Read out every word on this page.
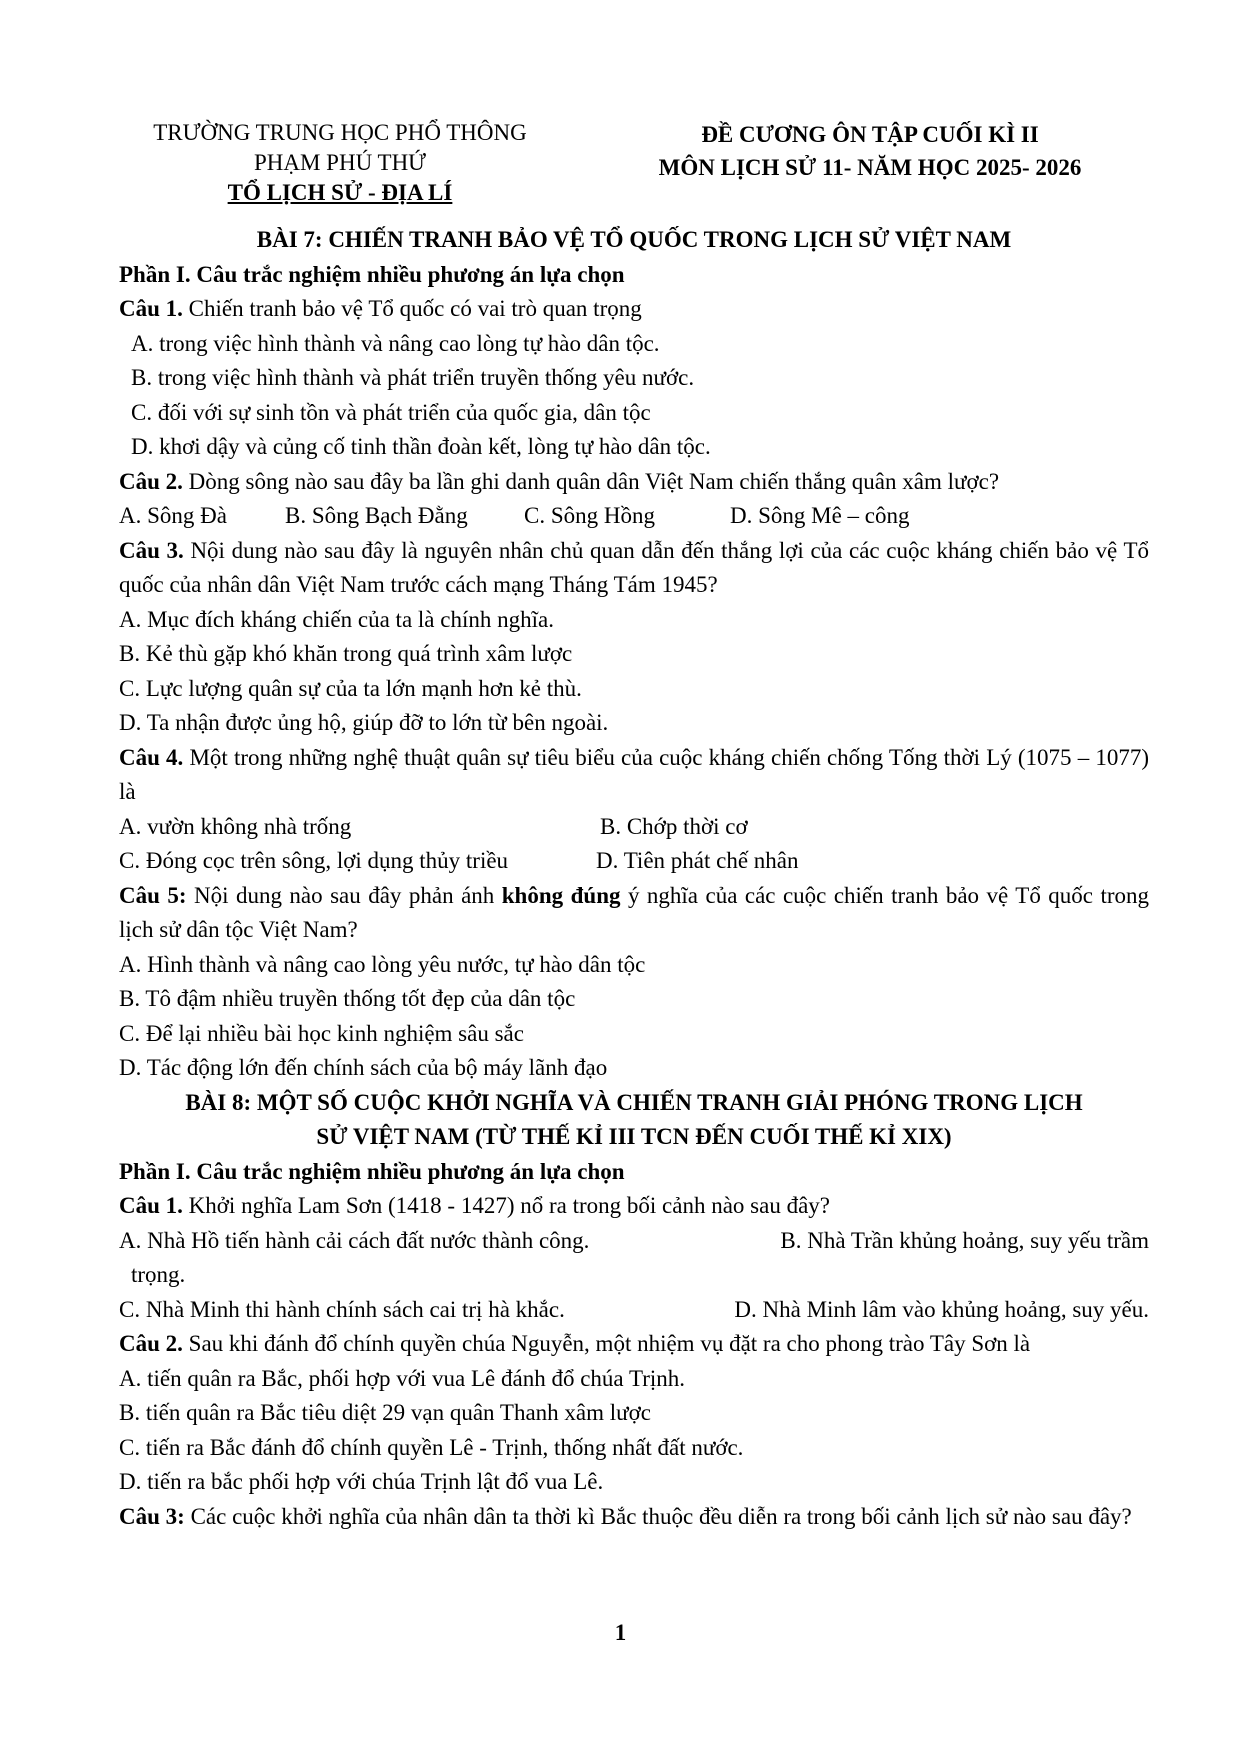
TRƯỜNG TRUNG HỌC PHỔ THÔNG
PHẠM PHÚ THỨ
TỔ LỊCH SỬ - ĐỊA LÍ
ĐỀ CƯƠNG ÔN TẬP CUỐI KÌ II
MÔN LỊCH SỬ 11- NĂM HỌC 2025- 2026
BÀI 7: CHIẾN TRANH BẢO VỆ TỔ QUỐC TRONG LỊCH SỬ VIỆT NAM
Phần I. Câu trắc nghiệm nhiều phương án lựa chọn
Câu 1. Chiến tranh bảo vệ Tổ quốc có vai trò quan trọng
A. trong việc hình thành và nâng cao lòng tự hào dân tộc.
B. trong việc hình thành và phát triển truyền thống yêu nước.
C. đối với sự sinh tồn và phát triển của quốc gia, dân tộc
D. khơi dậy và củng cố tinh thần đoàn kết, lòng tự hào dân tộc.
Câu 2. Dòng sông nào sau đây ba lần ghi danh quân dân Việt Nam chiến thắng quân xâm lược?
A. Sông Đà	B. Sông Bạch Đằng	C. Sông Hồng	D. Sông Mê – công
Câu 3. Nội dung nào sau đây là nguyên nhân chủ quan dẫn đến thắng lợi của các cuộc kháng chiến bảo vệ Tổ quốc của nhân dân Việt Nam trước cách mạng Tháng Tám 1945?
A. Mục đích kháng chiến của ta là chính nghĩa.
B. Kẻ thù gặp khó khăn trong quá trình xâm lược
C. Lực lượng quân sự của ta lớn mạnh hơn kẻ thù.
D. Ta nhận được ủng hộ, giúp đỡ to lớn từ bên ngoài.
Câu 4. Một trong những nghệ thuật quân sự tiêu biểu của cuộc kháng chiến chống Tống thời Lý (1075 – 1077) là
A. vườn không nhà trống	B. Chớp thời cơ
C. Đóng cọc trên sông, lợi dụng thủy triều	D. Tiên phát chế nhân
Câu 5: Nội dung nào sau đây phản ánh không đúng ý nghĩa của các cuộc chiến tranh bảo vệ Tổ quốc trong lịch sử dân tộc Việt Nam?
A. Hình thành và nâng cao lòng yêu nước, tự hào dân tộc
B. Tô đậm nhiều truyền thống tốt đẹp của dân tộc
C. Để lại nhiều bài học kinh nghiệm sâu sắc
D. Tác động lớn đến chính sách của bộ máy lãnh đạo
BÀI 8: MỘT SỐ CUỘC KHỞI NGHĨA VÀ CHIẾN TRANH GIẢI PHÓNG TRONG LỊCH
SỬ VIỆT NAM (TỪ THẾ KỈ III TCN ĐẾN CUỐI THẾ KỈ XIX)
Phần I. Câu trắc nghiệm nhiều phương án lựa chọn
Câu 1. Khởi nghĩa Lam Sơn (1418 - 1427) nổ ra trong bối cảnh nào sau đây?
A. Nhà Hồ tiến hành cải cách đất nước thành công.	B. Nhà Trần khủng hoảng, suy yếu trầm
trọng.
C. Nhà Minh thi hành chính sách cai trị hà khắc.	D. Nhà Minh lâm vào khủng hoảng, suy yếu.
Câu 2. Sau khi đánh đổ chính quyền chúa Nguyễn, một nhiệm vụ đặt ra cho phong trào Tây Sơn là
A. tiến quân ra Bắc, phối hợp với vua Lê đánh đổ chúa Trịnh.
B. tiến quân ra Bắc tiêu diệt 29 vạn quân Thanh xâm lược
C. tiến ra Bắc đánh đổ chính quyền Lê - Trịnh, thống nhất đất nước.
D. tiến ra bắc phối hợp với chúa Trịnh lật đổ vua Lê.
Câu 3: Các cuộc khởi nghĩa của nhân dân ta thời kì Bắc thuộc đều diễn ra trong bối cảnh lịch sử nào sau đây?
1
